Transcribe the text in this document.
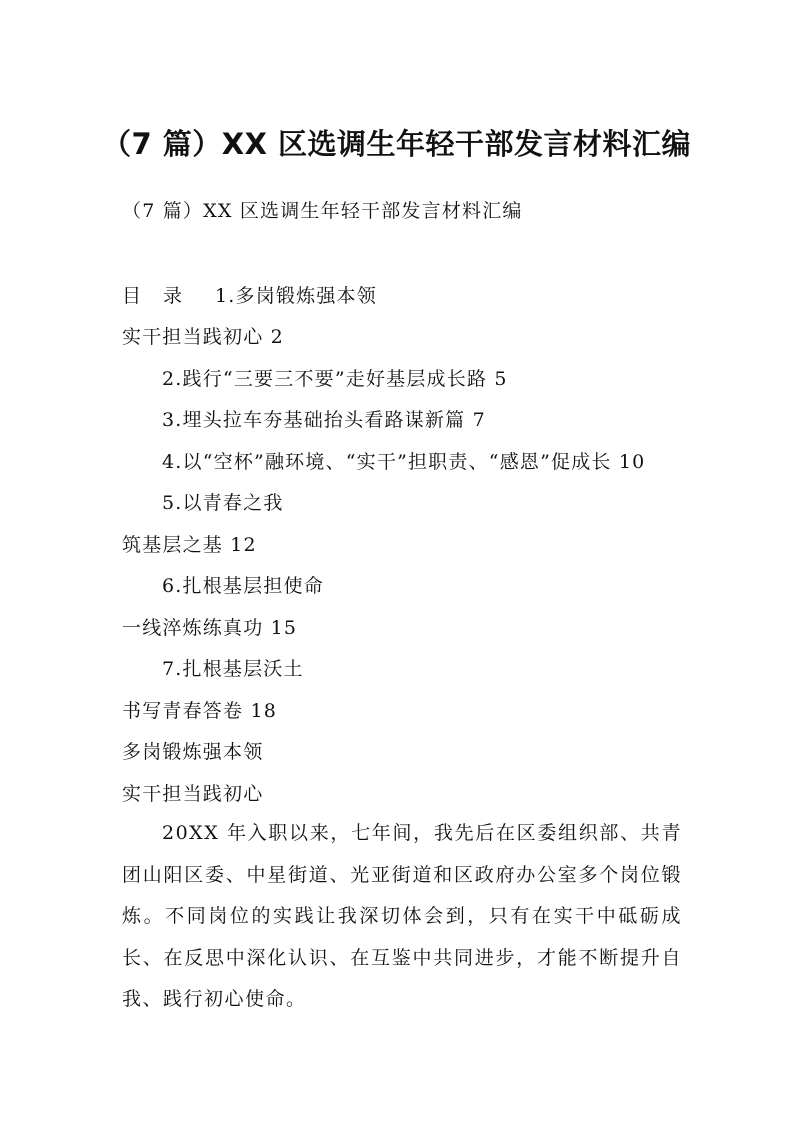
（7 篇）XX 区选调生年轻干部发言材料汇编
（7 篇）XX 区选调生年轻干部发言材料汇编
目 录 1.多岗锻炼强本领
实干担当践初心 2
2.践行“三要三不要”走好基层成长路 5
3.埋头拉车夯基础抬头看路谋新篇 7
4.以“空杯”融环境、“实干”担职责、“感恩”促成长 10
5.以青春之我
筑基层之基 12
6.扎根基层担使命
一线淬炼练真功 15
7.扎根基层沃土
书写青春答卷 18
多岗锻炼强本领
实干担当践初心

20XX 年入职以来，七年间，我先后在区委组织部、共青团山阳区委、中星街道、光亚街道和区政府办公室多个岗位锻炼。不同岗位的实践让我深切体会到，只有在实干中砥砺成长、在反思中深化认识、在互鉴中共同进步，才能不断提升自我、践行初心使命。
